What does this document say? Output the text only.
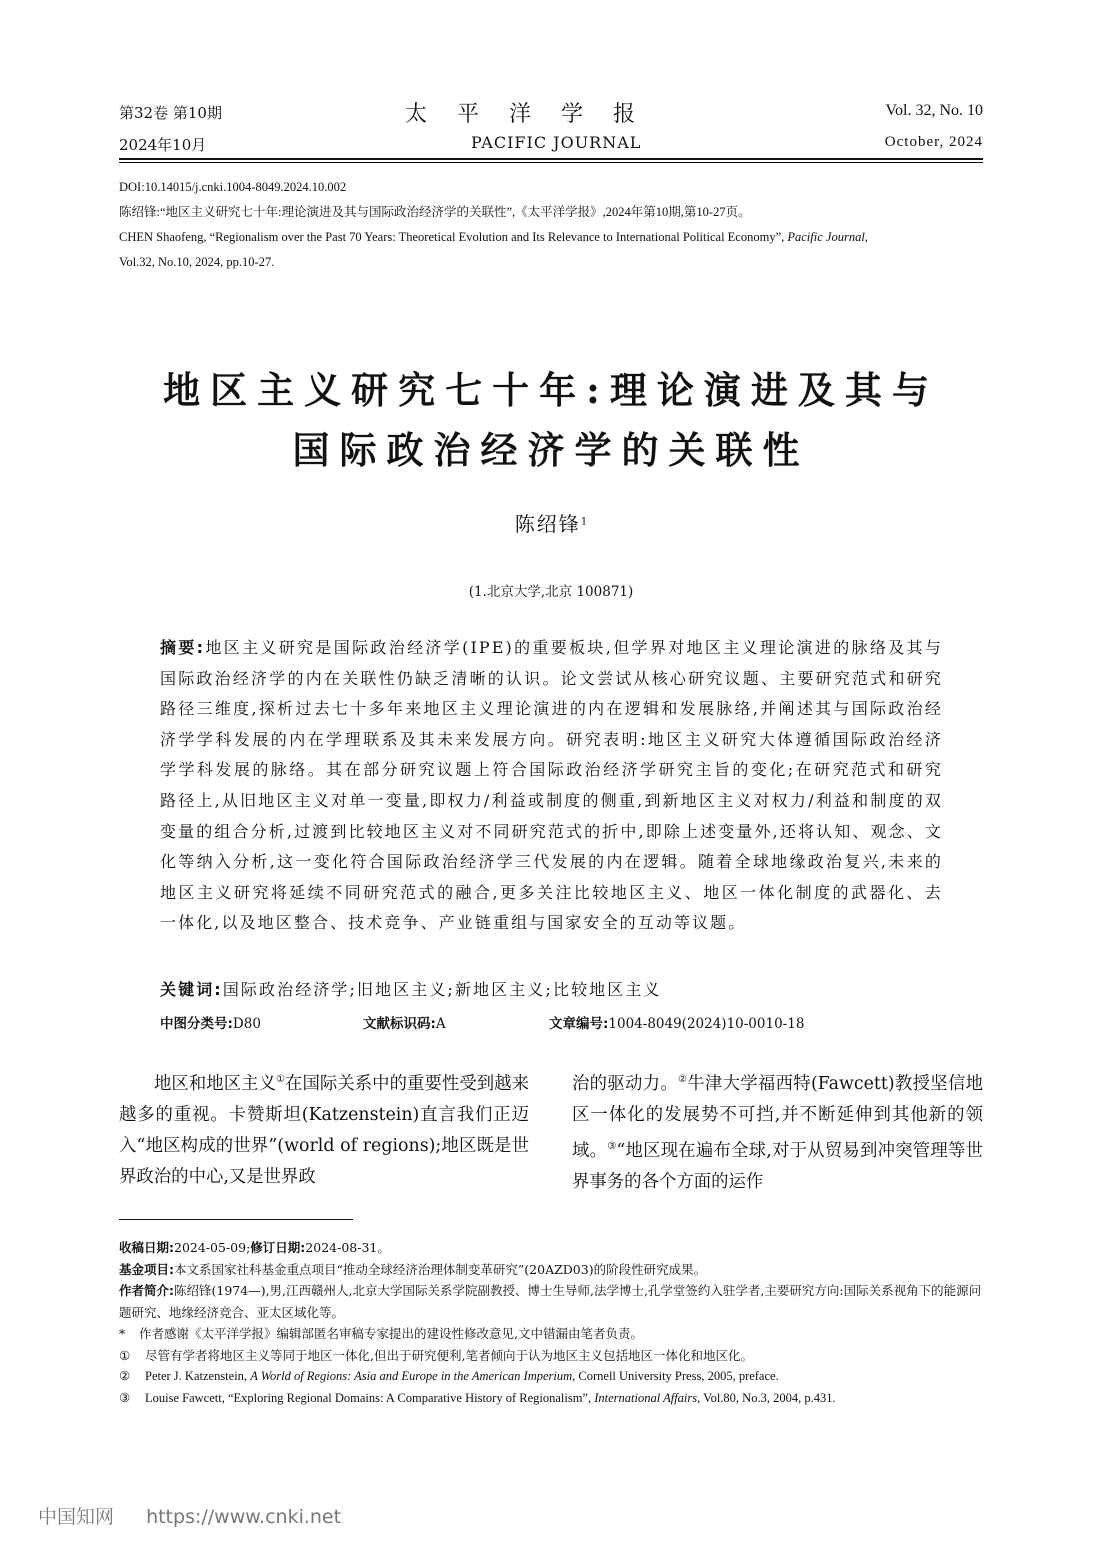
第32卷 第10期
2024年10月
太平洋学报
PACIFIC JOURNAL
Vol. 32, No. 10
October, 2024
DOI:10.14015/j.cnki.1004-8049.2024.10.002
陈绍锋:“地区主义研究七十年:理论演进及其与国际政治经济学的关联性”,《太平洋学报》,2024年第10期,第10-27页。
CHEN Shaofeng, “Regionalism over the Past 70 Years: Theoretical Evolution and Its Relevance to International Political Economy”, Pacific Journal,
Vol.32, No.10, 2024, pp.10-27.
地区主义研究七十年:理论演进及其与
国际政治经济学的关联性
陈绍锋$^1$
(1.北京大学,北京 100871)
摘要:地区主义研究是国际政治经济学(IPE)的重要板块,但学界对地区主义理论演进的脉络及其与国际政治经济学的内在关联性仍缺乏清晰的认识。论文尝试从核心研究议题、主要研究范式和研究路径三维度,探析过去七十多年来地区主义理论演进的内在逻辑和发展脉络,并阐述其与国际政治经济学学科发展的内在学理联系及其未来发展方向。研究表明:地区主义研究大体遵循国际政治经济学学科发展的脉络。其在部分研究议题上符合国际政治经济学研究主旨的变化;在研究范式和研究路径上,从旧地区主义对单一变量,即权力/利益或制度的侧重,到新地区主义对权力/利益和制度的双变量的组合分析,过渡到比较地区主义对不同研究范式的折中,即除上述变量外,还将认知、观念、文化等纳入分析,这一变化符合国际政治经济学三代发展的内在逻辑。随着全球地缘政治复兴,未来的地区主义研究将延续不同研究范式的融合,更多关注比较地区主义、地区一体化制度的武器化、去一体化,以及地区整合、技术竞争、产业链重组与国家安全的互动等议题。
关键词:国际政治经济学;旧地区主义;新地区主义;比较地区主义
中图分类号:D80	文献标识码:A	文章编号:1004-8049(2024)10-0010-18
地区和地区主义①在国际关系中的重要性受到越来越多的重视。卡赞斯坦(Katzenstein)直言我们正迈入“地区构成的世界”(world of regions);地区既是世界政治的中心,又是世界政
治的驱动力。②牛津大学福西特(Fawcett)教授坚信地区一体化的发展势不可挡,并不断延伸到其他新的领域。③“地区现在遍布全球,对于从贸易到冲突管理等世界事务的各个方面的运作
收稿日期:2024-05-09;修订日期:2024-08-31。
基金项目:本文系国家社科基金重点项目“推动全球经济治理体制变革研究”(20AZD03)的阶段性研究成果。
作者简介:陈绍锋(1974—),男,江西赣州人,北京大学国际关系学院副教授、博士生导师,法学博士,孔学堂签约入驻学者,主要研究方向:国际关系视角下的能源问题研究、地缘经济竞合、亚太区域化等。
*	作者感谢《太平洋学报》编辑部匿名审稿专家提出的建设性修改意见,文中错漏由笔者负责。
①	尽管有学者将地区主义等同于地区一体化,但出于研究便利,笔者倾向于认为地区主义包括地区一体化和地区化。
②	Peter J. Katzenstein, A World of Regions: Asia and Europe in the American Imperium, Cornell University Press, 2005, preface.
③	Louise Fawcett, “Exploring Regional Domains: A Comparative History of Regionalism”, International Affairs, Vol.80, No.3, 2004, p.431.
中国知网 https://www.cnki.net
